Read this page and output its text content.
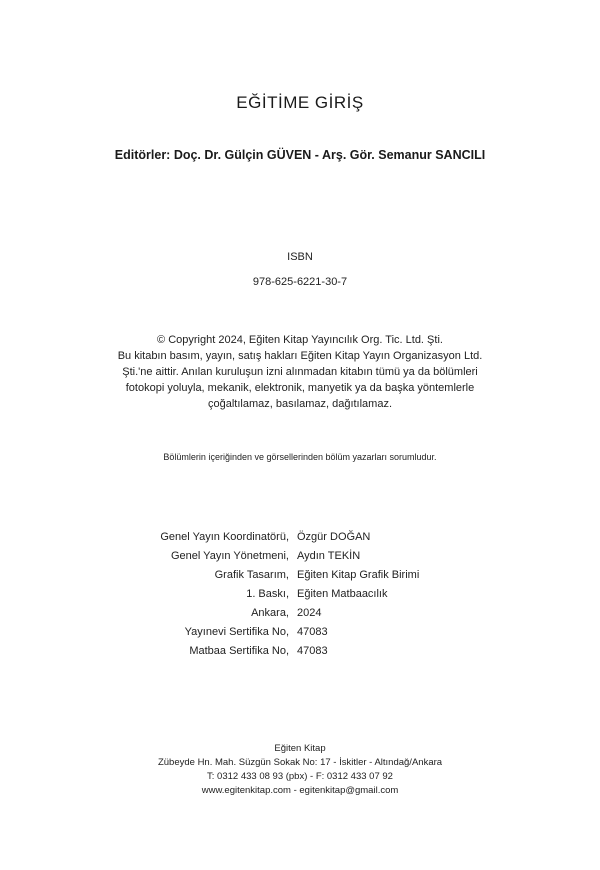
EĞİTİME GİRİŞ
Editörler: Doç. Dr. Gülçin GÜVEN - Arş. Gör. Semanur SANCILI
ISBN
978-625-6221-30-7
© Copyright 2024, Eğiten Kitap Yayıncılık Org. Tic. Ltd. Şti.
Bu kitabın basım, yayın, satış hakları Eğiten Kitap Yayın Organizasyon Ltd.
Şti.'ne aittir. Anılan kuruluşun izni alınmadan kitabın tümü ya da bölümleri
fotokopi yoluyla, mekanik, elektronik, manyetik ya da başka yöntemlerle
çoğaltılamaz, basılamaz, dağıtılamaz.
Bölümlerin içeriğinden ve görsellerinden bölüm yazarları sorumludur.
Genel Yayın Koordinatörü, Özgür DOĞAN
Genel Yayın Yönetmeni, Aydın TEKİN
Grafik Tasarım, Eğiten Kitap Grafik Birimi
1. Baskı, Eğiten Matbaacılık
Ankara, 2024
Yayınevi Sertifika No, 47083
Matbaa Sertifika No, 47083
Eğiten Kitap
Zübeyde Hn. Mah. Süzgün Sokak No: 17 - İskitler - Altındağ/Ankara
T: 0312 433 08 93 (pbx) - F: 0312 433 07 92
www.egitenkitap.com - egitenkitap@gmail.com
